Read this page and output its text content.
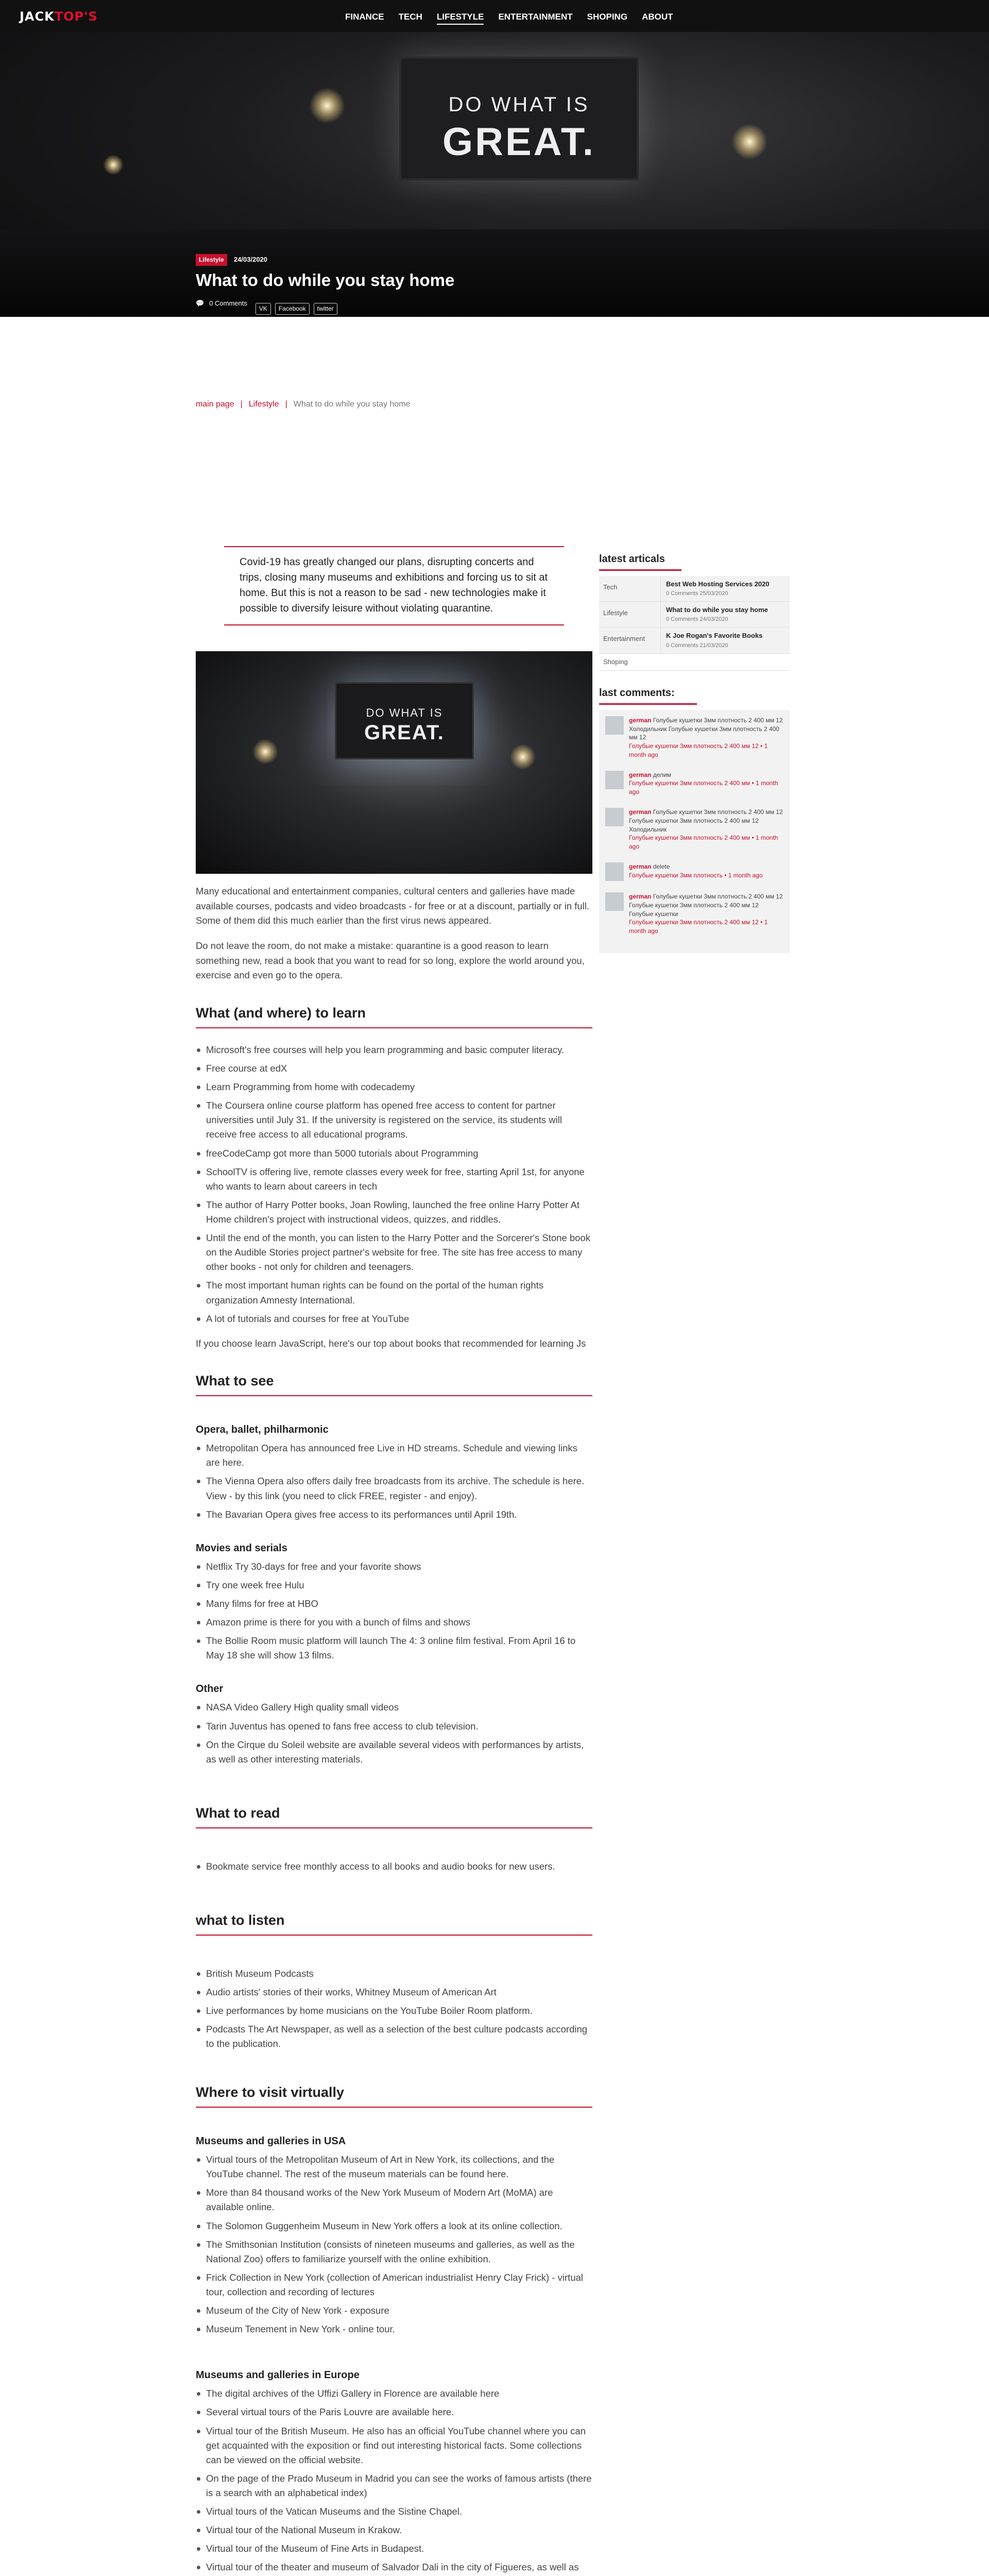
DO WHAT IS
GREAT.
Lifestyle 24/03/2020
What to do while you stay home
💬 0 Comments
VK	Facebook	twitter
JACKTOP'S	FINANCE TECH LIFESTYLE ENTERTAINMENT SHOPING ABOUT
main page | Lifestyle | What to do while you stay home
Covid-19 has greatly changed our plans, disrupting concerts and trips, closing many museums and exhibitions and forcing us to sit at home. But this is not a reason to be sad - new technologies make it possible to diversify leisure without violating quarantine.
DO WHAT IS
GREAT.

Many educational and entertainment companies, cultural centers and galleries have made available courses, podcasts and video broadcasts - for free or at a discount, partially or in full. Some of them did this much earlier than the first virus news appeared.

Do not leave the room, do not make a mistake: quarantine is a good reason to learn something new, read a book that you want to read for so long, explore the world around you, exercise and even go to the opera.

What (and where) to learn
Microsoft's free courses will help you learn programming and basic computer literacy.
Free course at edX
Learn Programming from home with codecademy
The Coursera online course platform has opened free access to content for partner universities until July 31. If the university is registered on the service, its students will receive free access to all educational programs.
freeCodeCamp got more than 5000 tutorials about Programming
SchoolTV is offering live, remote classes every week for free, starting April 1st, for anyone who wants to learn about careers in tech
The author of Harry Potter books, Joan Rowling, launched the free online Harry Potter At Home children's project with instructional videos, quizzes, and riddles.
Until the end of the month, you can listen to the Harry Potter and the Sorcerer's Stone book on the Audible Stories project partner's website for free. The site has free access to many other books - not only for children and teenagers.
The most important human rights can be found on the portal of the human rights organization Amnesty International.
A lot of tutorials and courses for free at YouTube

If you choose learn JavaScript, here's our top about books that recommended for learning Js

What to see
Opera, ballet, philharmonic
Metropolitan Opera has announced free Live in HD streams. Schedule and viewing links are here.
The Vienna Opera also offers daily free broadcasts from its archive. The schedule is here. View - by this link (you need to click FREE, register - and enjoy).
The Bavarian Opera gives free access to its performances until April 19th.
Movies and serials
Netflix Try 30-days for free and your favorite shows
Try one week free Hulu
Many films for free at HBO
Amazon prime is there for you with a bunch of films and shows
The Bollie Room music platform will launch The 4: 3 online film festival. From April 16 to May 18 she will show 13 films.
Other
NASA Video Gallery High quality small videos
Tarin Juventus has opened to fans free access to club television.
On the Cirque du Soleil website are available several videos with performances by artists, as well as other interesting materials.
What to read
Bookmate service free monthly access to all books and audio books for new users.
what to listen
British Museum Podcasts
Audio artists' stories of their works, Whitney Museum of American Art
Live performances by home musicians on the YouTube Boiler Room platform.
Podcasts The Art Newspaper, as well as a selection of the best culture podcasts according to the publication.
Where to visit virtually
Museums and galleries in USA
Virtual tours of the Metropolitan Museum of Art in New York, its collections, and the YouTube channel. The rest of the museum materials can be found here.
More than 84 thousand works of the New York Museum of Modern Art (MoMA) are available online.
The Solomon Guggenheim Museum in New York offers a look at its online collection.
The Smithsonian Institution (consists of nineteen museums and galleries, as well as the National Zoo) offers to familiarize yourself with the online exhibition.
Frick Collection in New York (collection of American industrialist Henry Clay Frick) - virtual tour, collection and recording of lectures
Museum of the City of New York - exposure
Museum Tenement in New York - online tour.
Museums and galleries in Europe
The digital archives of the Uffizi Gallery in Florence are available here
Several virtual tours of the Paris Louvre are available here.
Virtual tour of the British Museum. He also has an official YouTube channel where you can get acquainted with the exposition or find out interesting historical facts. Some collections can be viewed on the official website.
On the page of the Prado Museum in Madrid you can see the works of famous artists (there is a search with an alphabetical index)
Virtual tours of the Vatican Museums and the Sistine Chapel.
Virtual tour of the National Museum in Krakow.
Virtual tour of the Museum of Fine Arts in Budapest.
Virtual tour of the theater and museum of Salvador Dali in the city of Figueres, as well as
latest articals
Tech	Best Web Hosting Services 2020
0 Comments 25/03/2020
Lifestyle	What to do while you stay home
0 Comments 24/03/2020
Entertainment	K Joe Rogan's Favorite Books
0 Comments 21/03/2020
Shoping
last comments:
german Голубые кушетки 3мм плотность 2 400 мм 12 Холодильник Голубые кушетки 3мм плотность 2 400 мм 12
Голубые кушетки 3мм плотность 2 400 мм 12 • 1 month ago
german делим
Голубые кушетки 3мм плотность 2 400 мм • 1 month ago
german Голубые кушетки 3мм плотность 2 400 мм 12 Голубые кушетки 3мм плотность 2 400 мм 12 Холодильник
Голубые кушетки 3мм плотность 2 400 мм • 1 month ago
german delete
Голубые кушетки 3мм плотность • 1 month ago
german Голубые кушетки 3мм плотность 2 400 мм 12 Голубые кушетки 3мм плотность 2 400 мм 12 Голубые кушетки
Голубые кушетки 3мм плотность 2 400 мм 12 • 1 month ago
